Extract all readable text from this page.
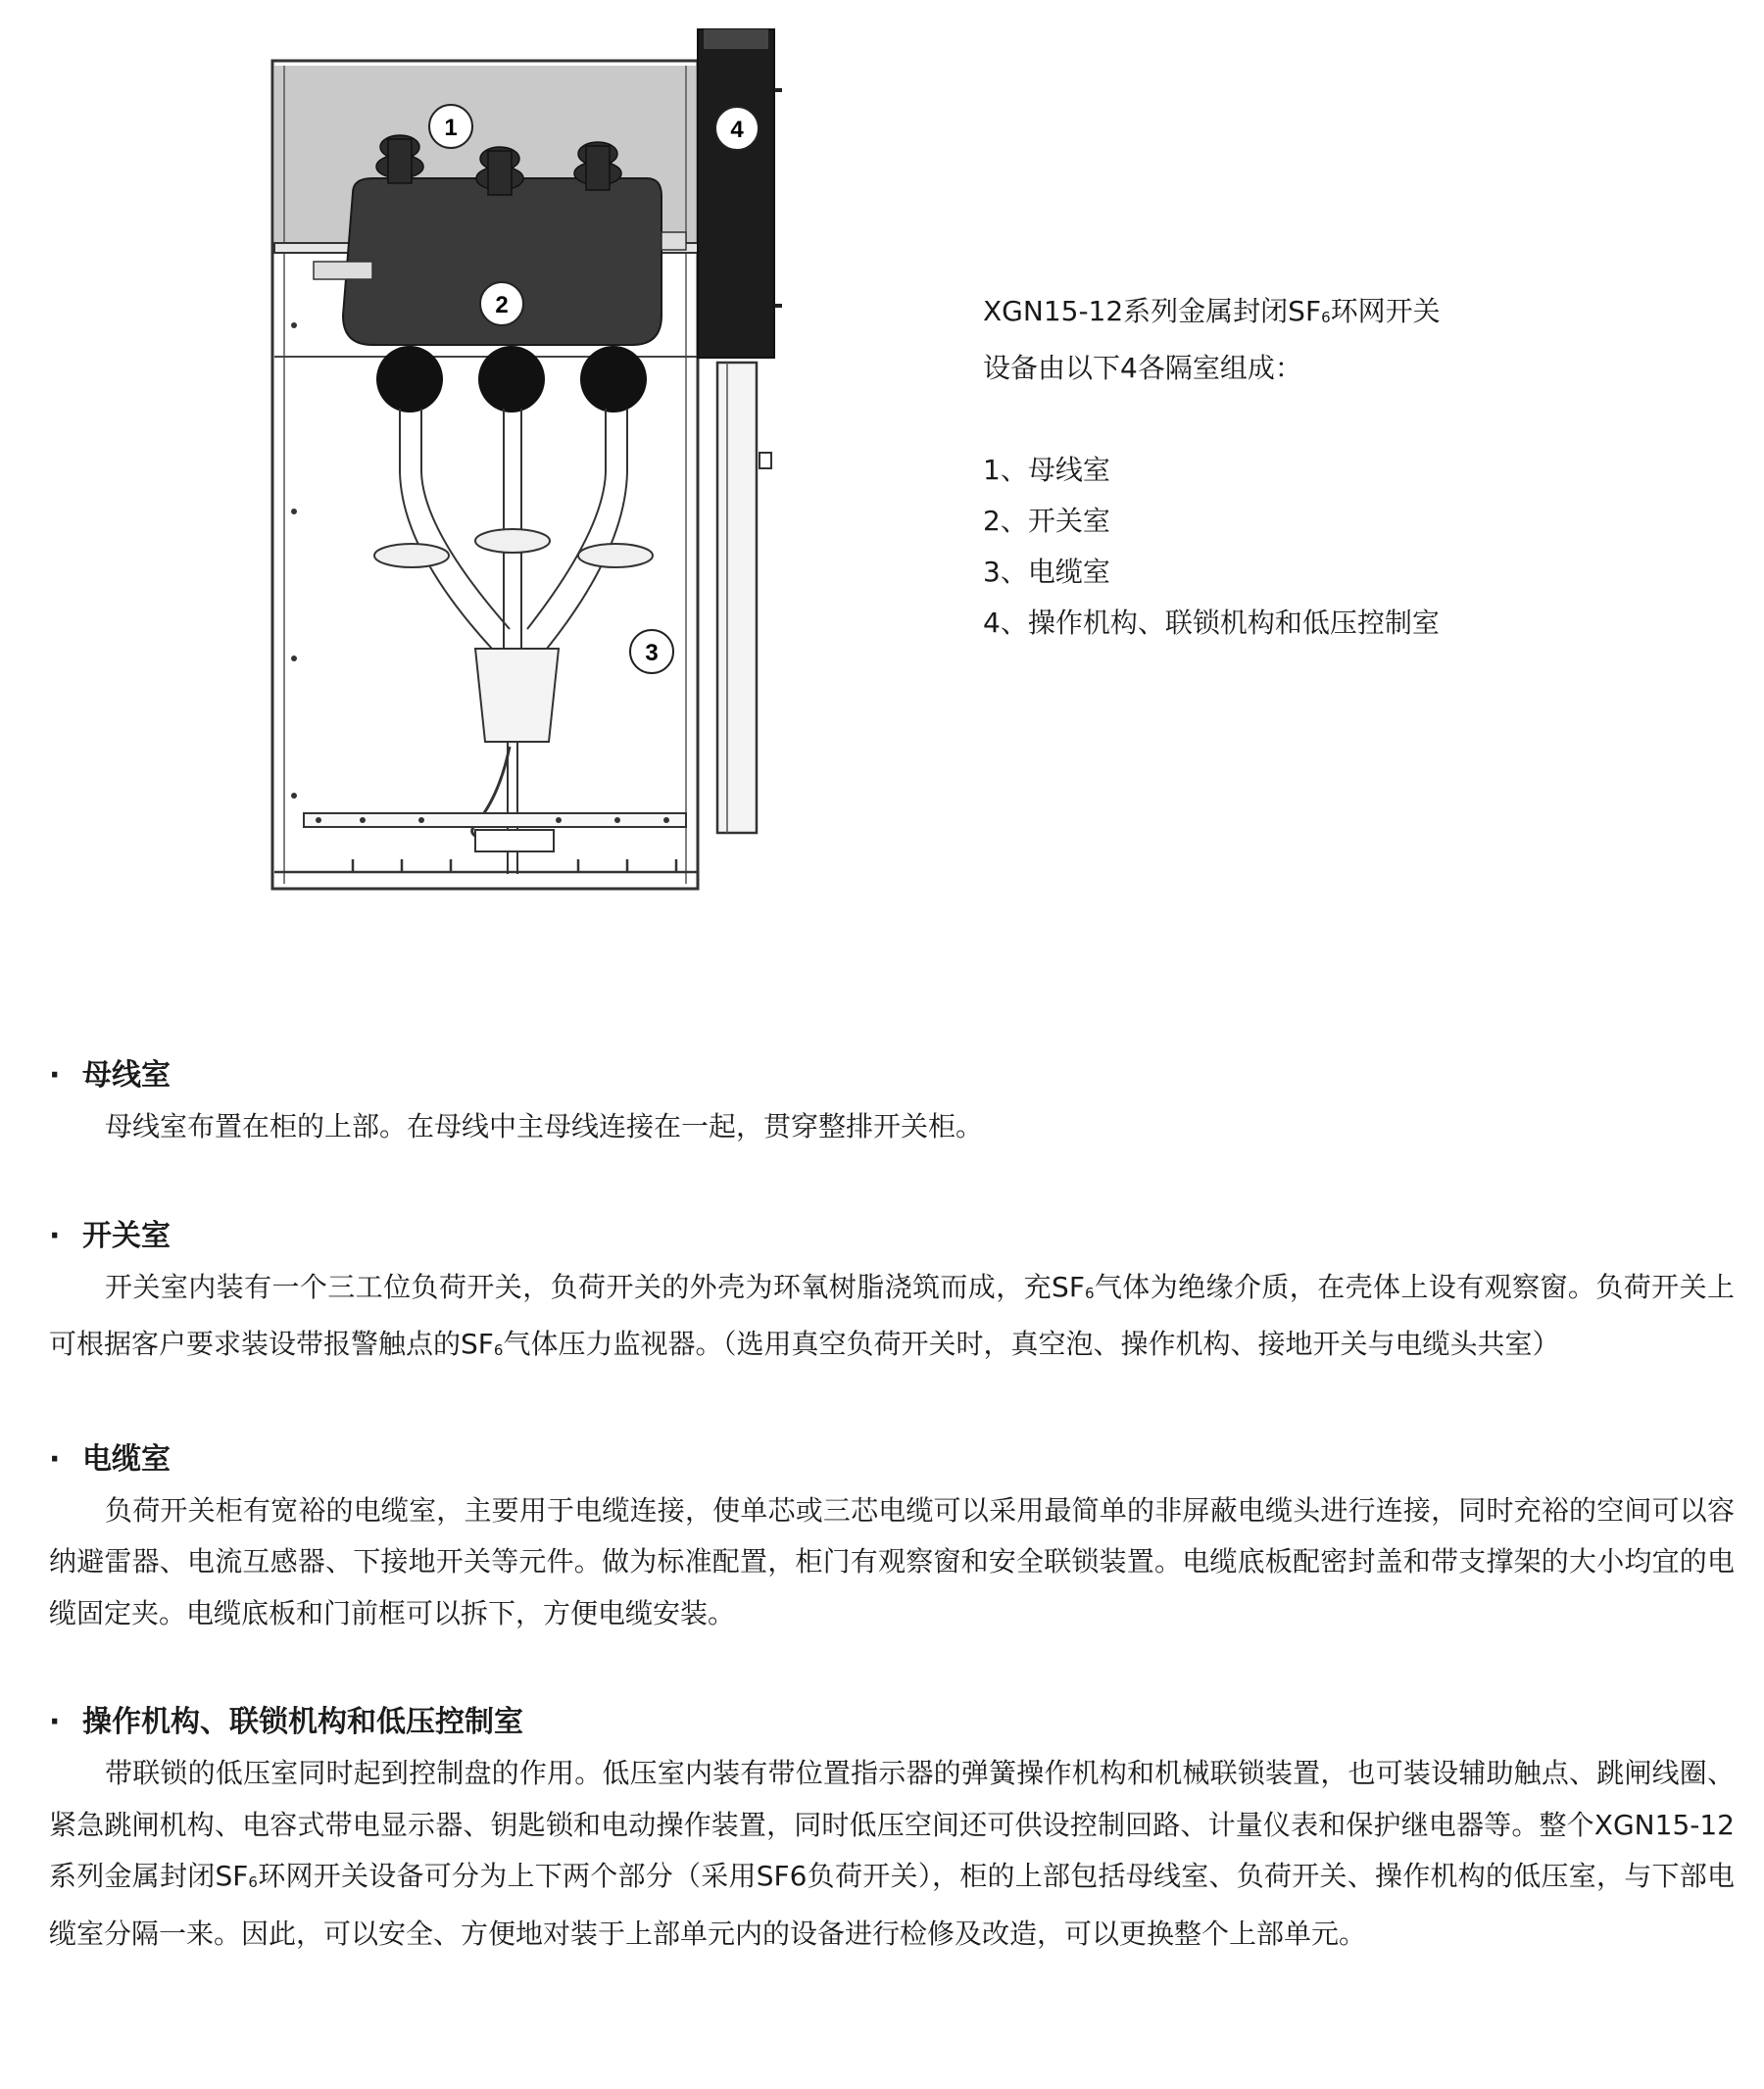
1
2
3
4
XGN15-12系列金属封闭SF6环网开关
设备由以下4各隔室组成：
1、母线室
2、开关室
3、电缆室
4、操作机构、联锁机构和低压控制室
· 母线室

母线室布置在柜的上部。在母线中主母线连接在一起，贯穿整排开关柜。

· 开关室

开关室内装有一个三工位负荷开关，负荷开关的外壳为环氧树脂浇筑而成，充SF6气体为绝缘介质，在壳体上设有观察窗。负荷开关上可根据客户要求装设带报警触点的SF6气体压力监视器。（选用真空负荷开关时，真空泡、操作机构、接地开关与电缆头共室）

· 电缆室

负荷开关柜有宽裕的电缆室，主要用于电缆连接，使单芯或三芯电缆可以采用最简单的非屏蔽电缆头进行连接，同时充裕的空间可以容纳避雷器、电流互感器、下接地开关等元件。做为标准配置，柜门有观察窗和安全联锁装置。电缆底板配密封盖和带支撑架的大小均宜的电缆固定夹。电缆底板和门前框可以拆下，方便电缆安装。

· 操作机构、联锁机构和低压控制室

带联锁的低压室同时起到控制盘的作用。低压室内装有带位置指示器的弹簧操作机构和机械联锁装置，也可装设辅助触点、跳闸线圈、紧急跳闸机构、电容式带电显示器、钥匙锁和电动操作装置，同时低压空间还可供设控制回路、计量仪表和保护继电器等。整个XGN15-12系列金属封闭SF6环网开关设备可分为上下两个部分（采用SF6负荷开关），柜的上部包括母线室、负荷开关、操作机构的低压室，与下部电缆室分隔一来。因此，可以安全、方便地对装于上部单元内的设备进行检修及改造，可以更换整个上部单元。
